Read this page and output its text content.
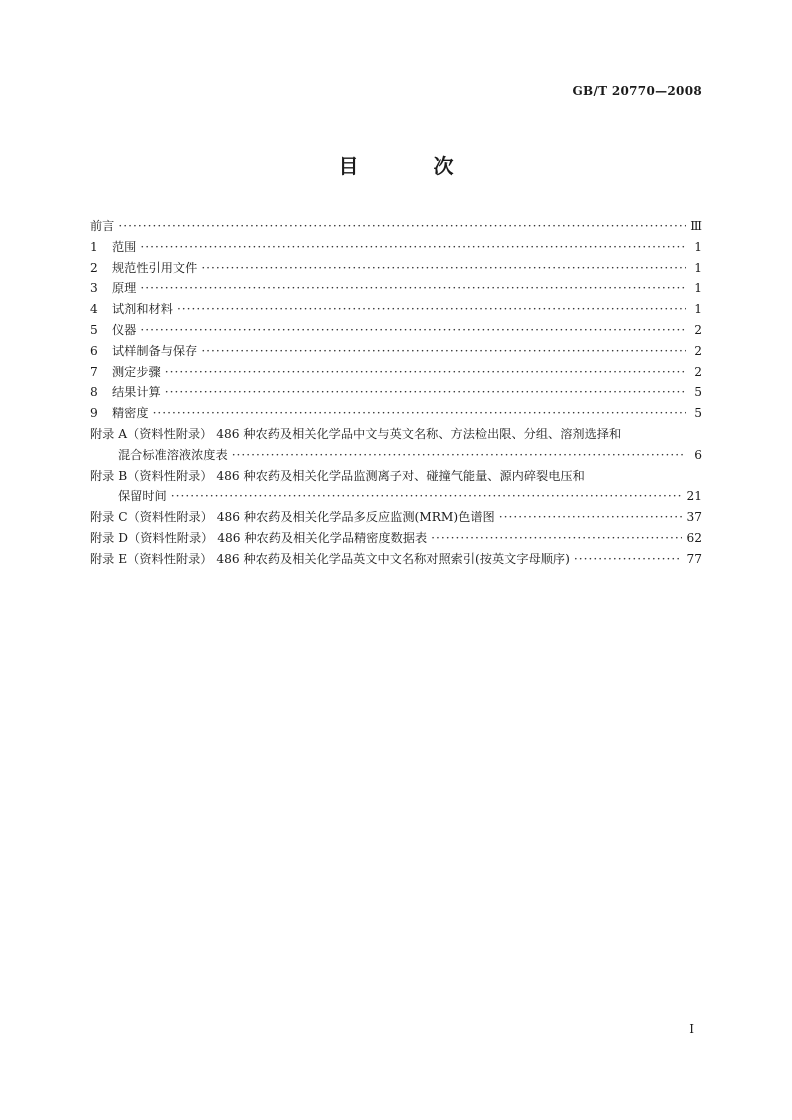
GB/T 20770—2008
目 次
前言 ·····	Ⅲ
1	范围 ·····	1
2	规范性引用文件 ·····	1
3	原理 ·····	1
4	试剂和材料 ·····	1
5	仪器 ·····	2
6	试样制备与保存 ·····	2
7	测定步骤 ·····	2
8	结果计算 ·····	5
9	精密度 ·····	5
附录 A（资料性附录） 486 种农药及相关化学品中文与英文名称、方法检出限、分组、溶剂选择和
混合标准溶液浓度表 ·····	6
附录 B（资料性附录） 486 种农药及相关化学品监测离子对、碰撞气能量、源内碎裂电压和
保留时间 ·····	21
附录 C（资料性附录） 486 种农药及相关化学品多反应监测(MRM)色谱图 ·····	37
附录 D（资料性附录） 486 种农药及相关化学品精密度数据表 ·····	62
附录 E（资料性附录） 486 种农药及相关化学品英文中文名称对照索引(按英文字母顺序) ·····	77
I
